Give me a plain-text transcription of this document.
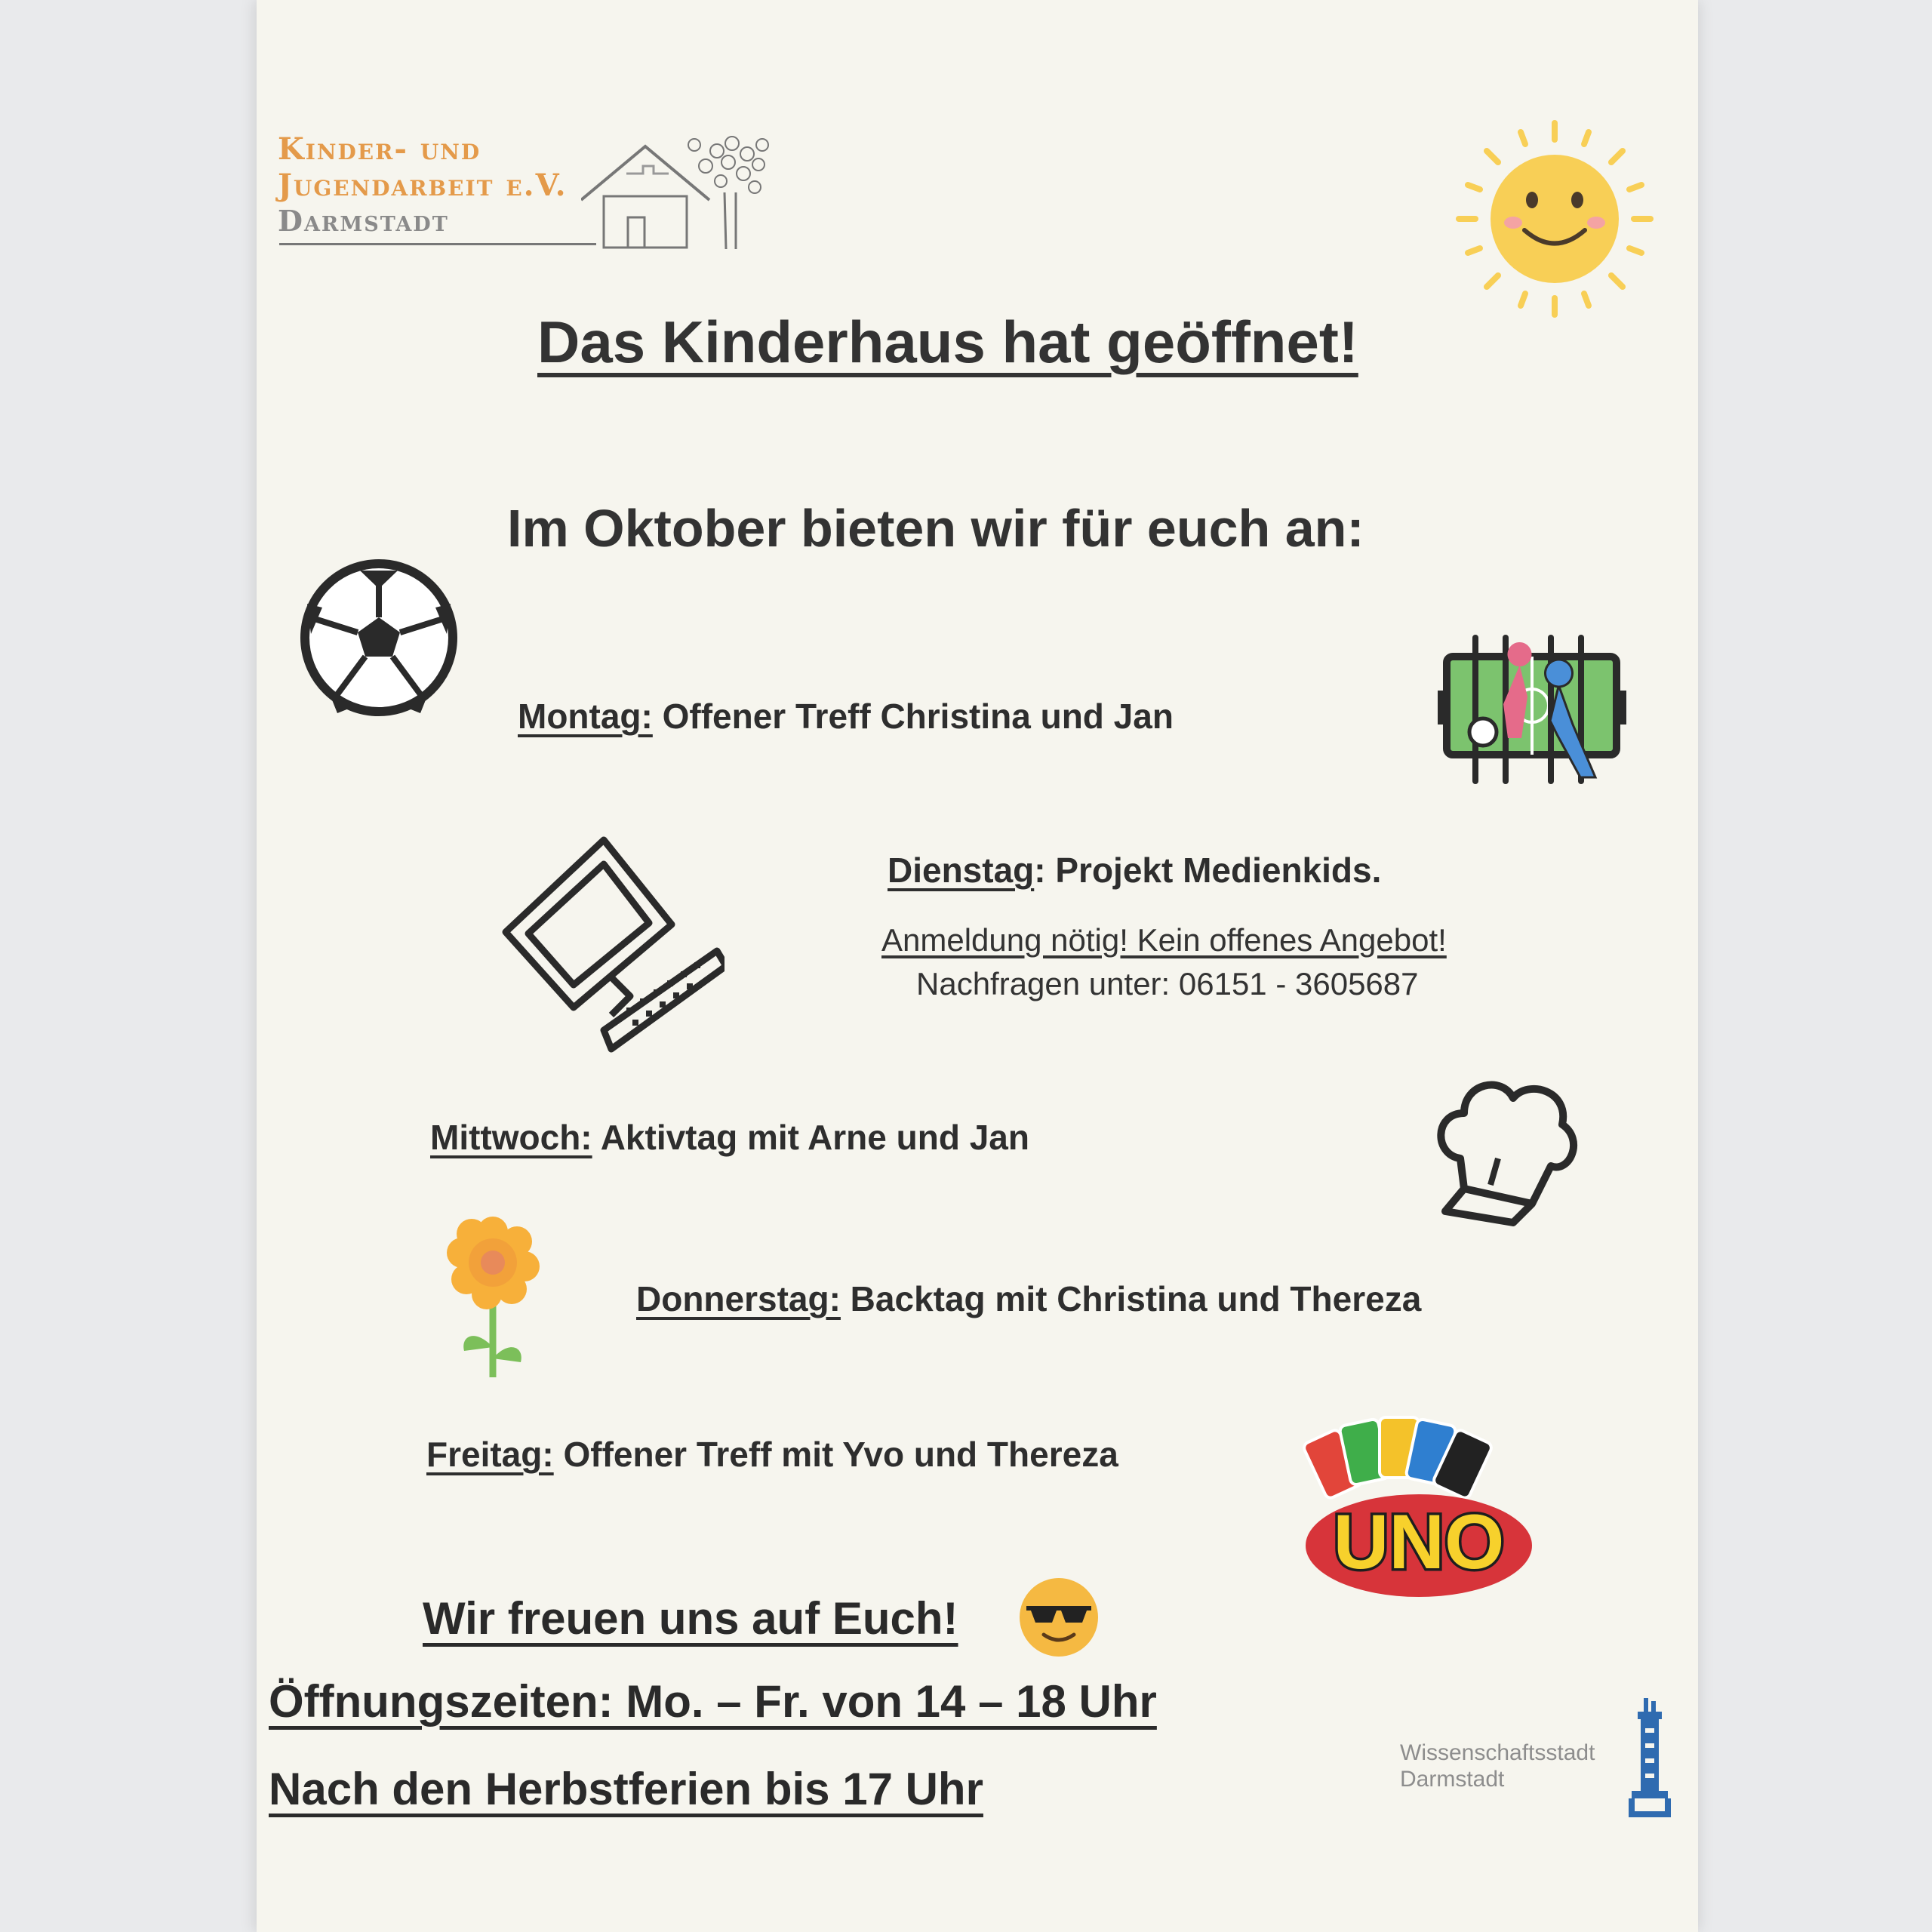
Kinder- und
Jugendarbeit e.V.
Darmstadt
Das Kinderhaus hat geöffnet!
Im Oktober bieten wir für euch an:
Montag: Offener Treff Christina und Jan
Dienstag: Projekt Medienkids.
Anmeldung nötig! Kein offenes Angebot!
Nachfragen unter: 06151 - 3605687
Mittwoch: Aktivtag mit Arne und Jan
Donnerstag: Backtag mit Christina und Thereza
Freitag: Offener Treff mit Yvo und Thereza
UNO
Wir freuen uns auf Euch!
Öffnungszeiten: Mo. – Fr. von 14 – 18 Uhr
Nach den Herbstferien bis 17 Uhr
Wissenschaftsstadt
Darmstadt
